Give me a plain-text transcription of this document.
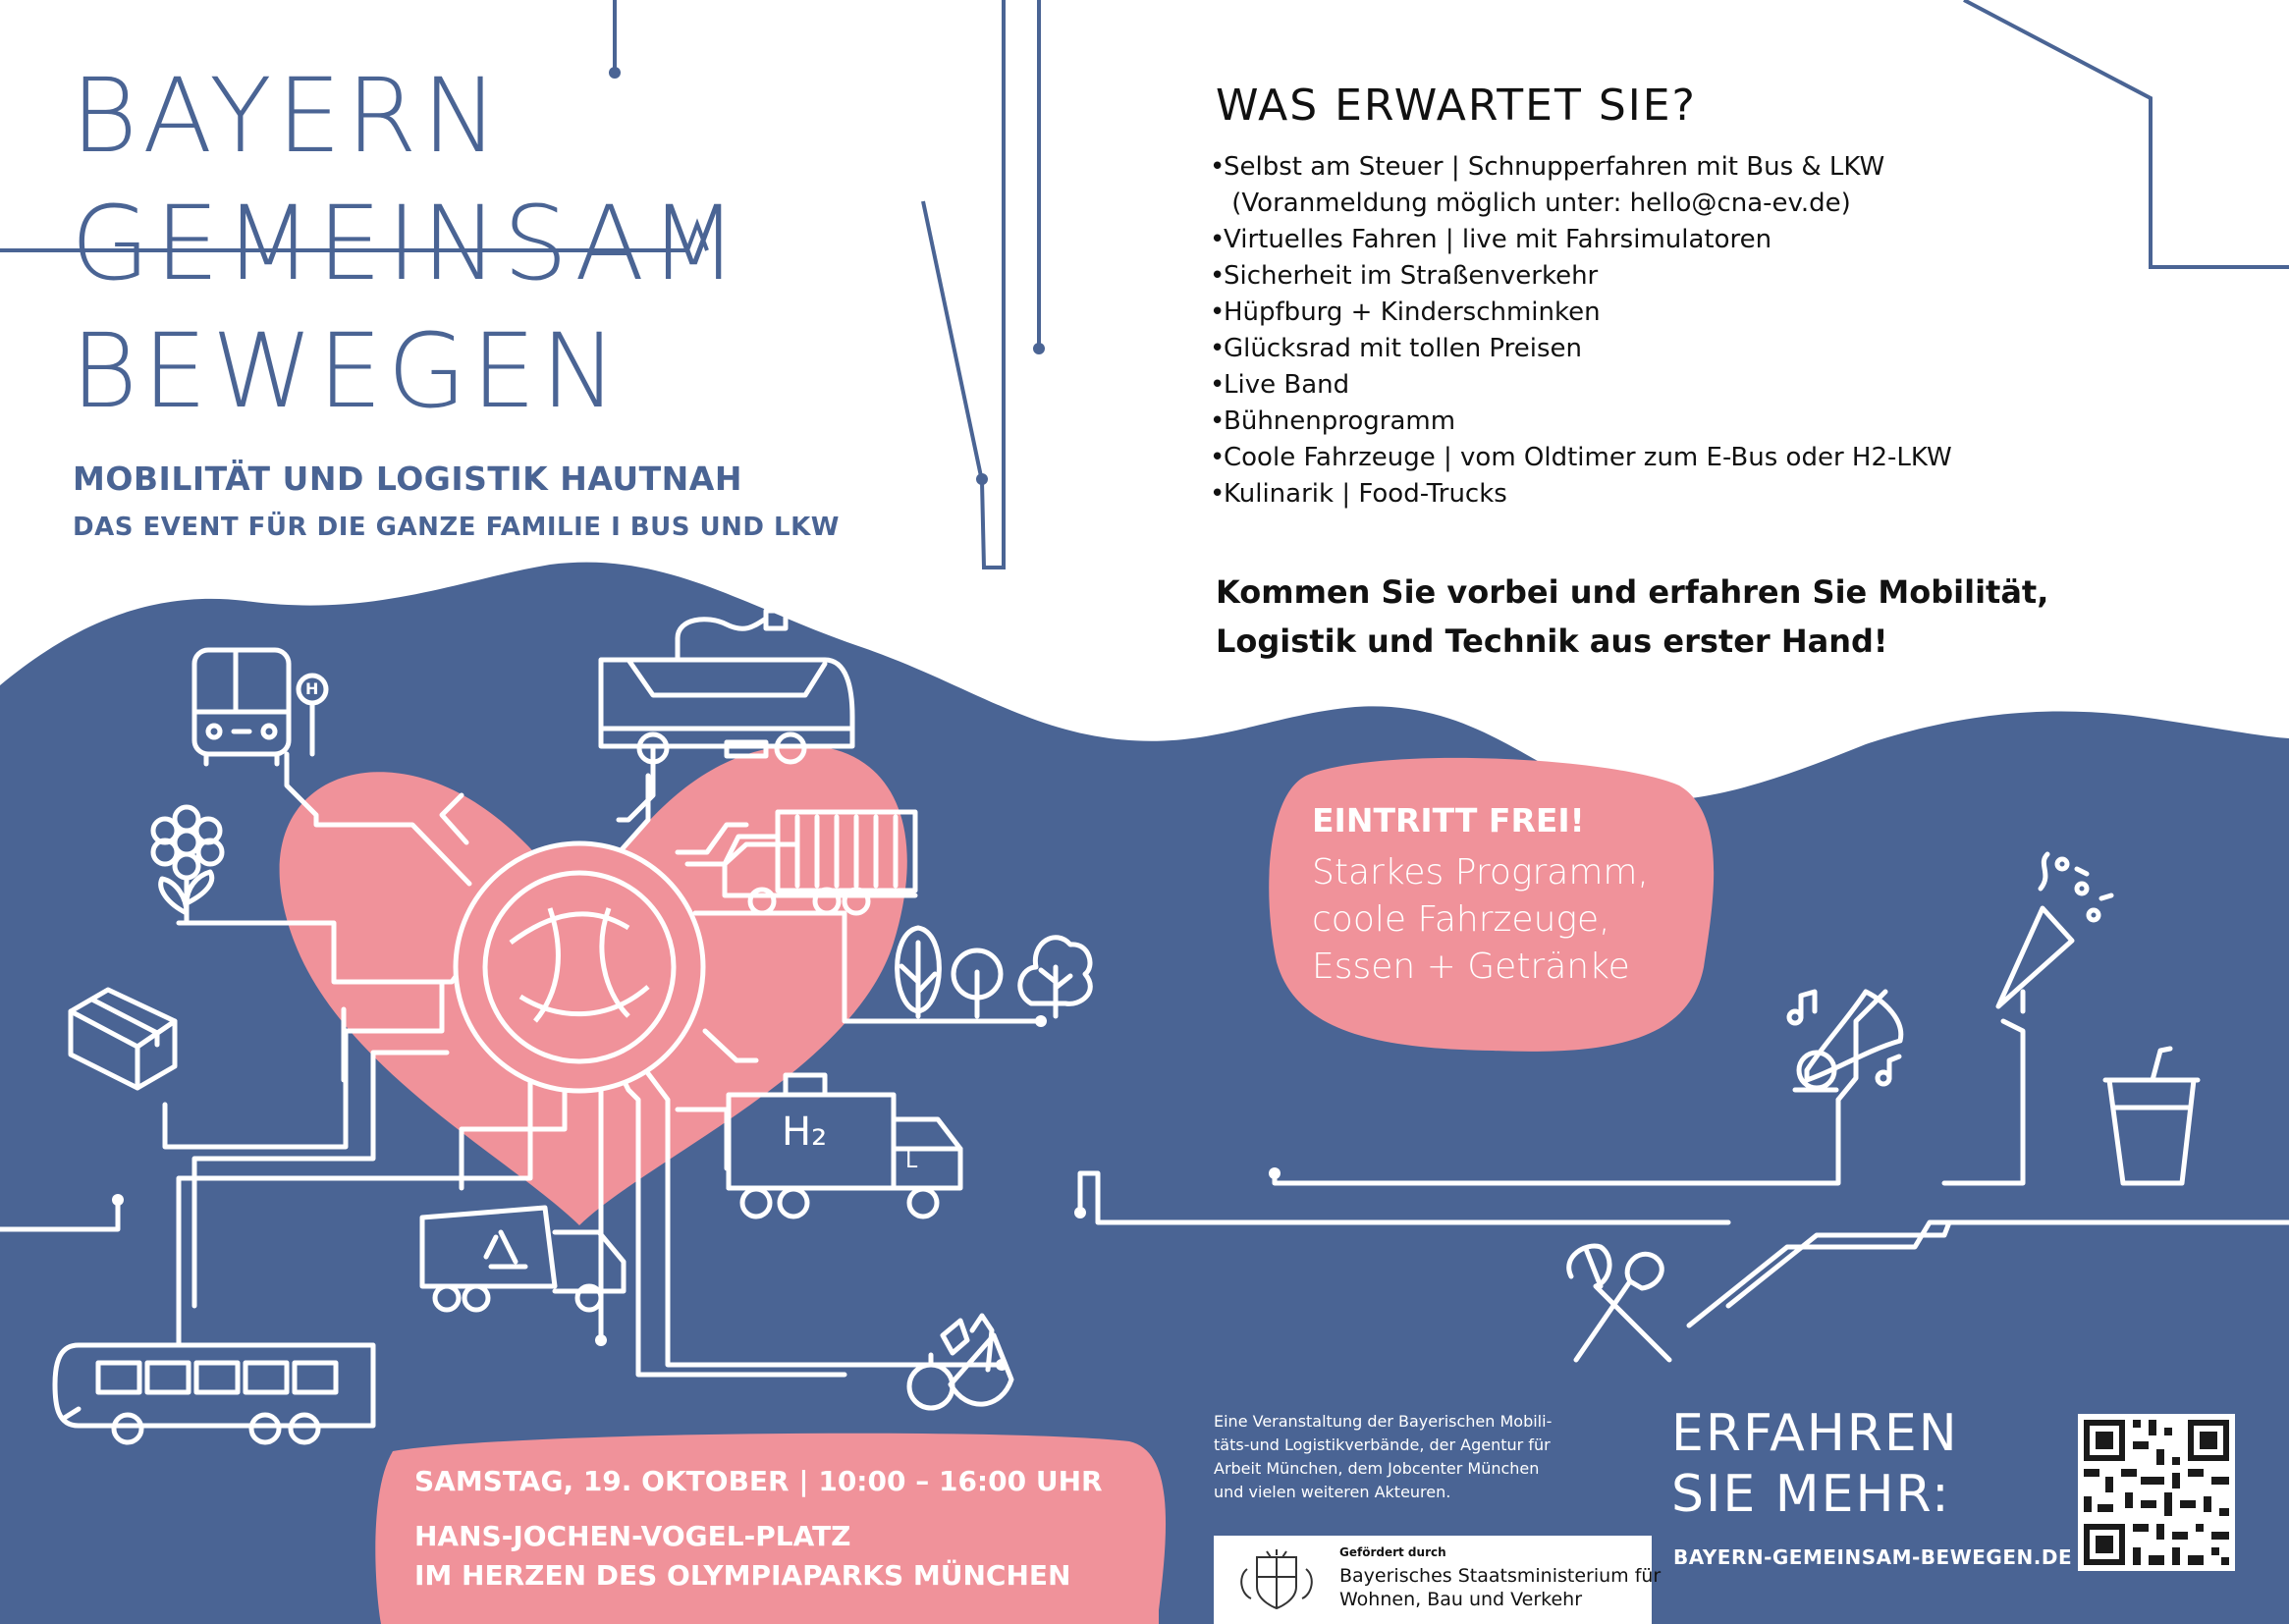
BAYERN
GEMEINSAM
BEWEGEN
MOBILITÄT UND LOGISTIK HAUTNAH
DAS EVENT FÜR DIE GANZE FAMILIE I BUS UND LKW
WAS ERWARTET SIE?
•Selbst am Steuer | Schnupperfahren mit Bus & LKW
(Voranmeldung möglich unter: hello@cna-ev.de)
•Virtuelles Fahren | live mit Fahrsimulatoren
•Sicherheit im Straßenverkehr
•Hüpfburg + Kinderschminken
•Glücksrad mit tollen Preisen
•Live Band
•Bühnenprogramm
•Coole Fahrzeuge | vom Oldtimer zum E-Bus oder H2-LKW
•Kulinarik | Food-Trucks
Kommen Sie vorbei und erfahren Sie Mobilität,
Logistik und Technik aus erster Hand!
EINTRITT FREI!
Starkes Programm,
coole Fahrzeuge,
Essen + Getränke
H
H₂
L
SAMSTAG, 19. OKTOBER | 10:00 – 16:00 UHR
HANS-JOCHEN-VOGEL-PLATZ
IM HERZEN DES OLYMPIAPARKS MÜNCHEN
Eine Veranstaltung der Bayerischen Mobili-
täts-und Logistikverbände, der Agentur für
Arbeit München, dem Jobcenter München
und vielen weiteren Akteuren.
Gefördert durch
Bayerisches Staatsministerium für
Wohnen, Bau und Verkehr
ERFAHREN
SIE MEHR:
BAYERN-GEMEINSAM-BEWEGEN.DE
